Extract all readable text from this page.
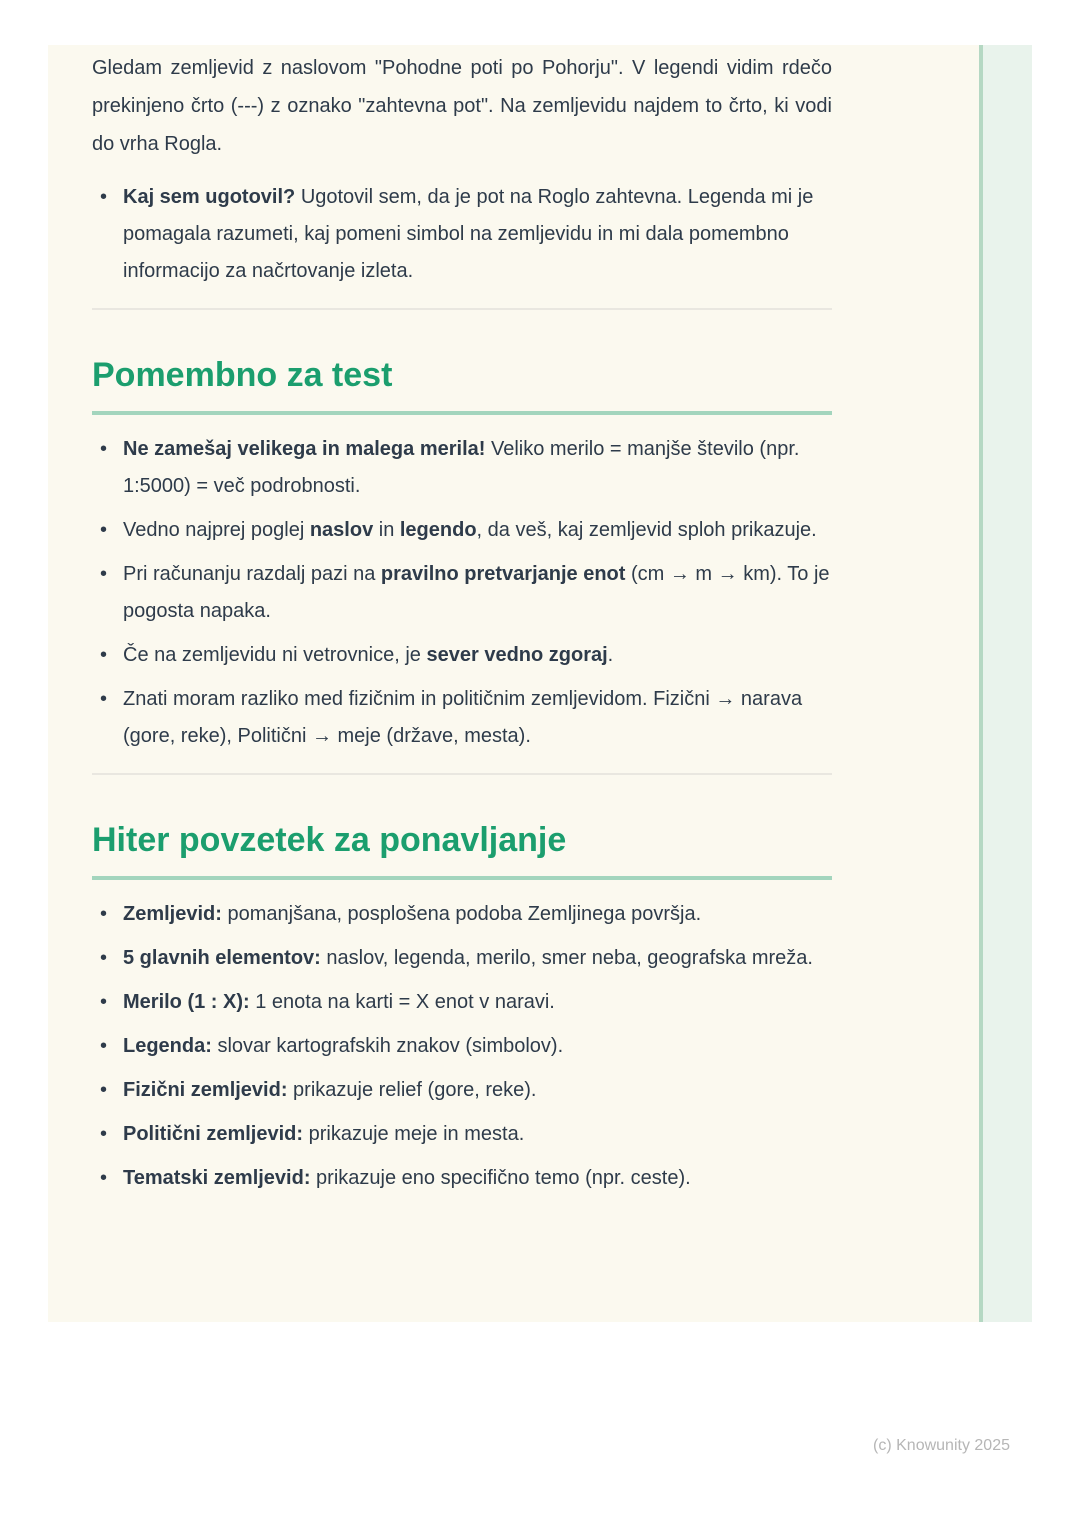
Gledam zemljevid z naslovom "Pohodne poti po Pohorju". V legendi vidim rdečo prekinjeno črto (---) z oznako "zahtevna pot". Na zemljevidu najdem to črto, ki vodi do vrha Rogla.

• Kaj sem ugotovil? Ugotovil sem, da je pot na Roglo zahtevna. Legenda mi je pomagala razumeti, kaj pomeni simbol na zemljevidu in mi dala pomembno informacijo za načrtovanje izleta.
Pomembno za test
• Ne zamešaj velikega in malega merila! Veliko merilo = manjše število (npr. 1:5000) = več podrobnosti.
• Vedno najprej poglej naslov in legendo, da veš, kaj zemljevid sploh prikazuje.
• Pri računanju razdalj pazi na pravilno pretvarjanje enot (cm → m → km). To je pogosta napaka.
• Če na zemljevidu ni vetrovnice, je sever vedno zgoraj.
• Znati moram razliko med fizičnim in političnim zemljevidom. Fizični → narava (gore, reke), Politični → meje (države, mesta).
Hiter povzetek za ponavljanje
• Zemljevid: pomanjšana, posplošena podoba Zemljinega površja.
• 5 glavnih elementov: naslov, legenda, merilo, smer neba, geografska mreža.
• Merilo (1 : X): 1 enota na karti = X enot v naravi.
• Legenda: slovar kartografskih znakov (simbolov).
• Fizični zemljevid: prikazuje relief (gore, reke).
• Politični zemljevid: prikazuje meje in mesta.
• Tematski zemljevid: prikazuje eno specifično temo (npr. ceste).
(c) Knowunity 2025
